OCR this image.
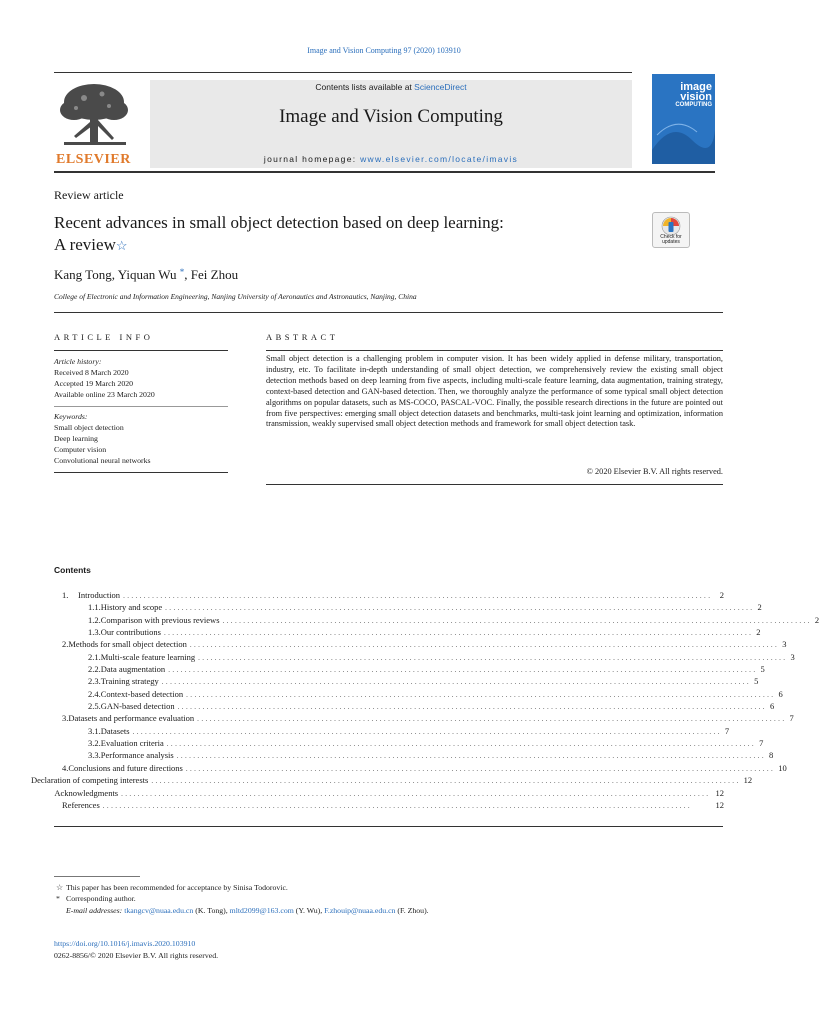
Image and Vision Computing 97 (2020) 103910
ELSEVIER
Contents lists available at ScienceDirect
Image and Vision Computing
journal homepage: www.elsevier.com/locate/imavis
image
vision
COMPUTING
Review article
Recent advances in small object detection based on deep learning:
A review☆
Check for updates
Kang Tong, Yiquan Wu *, Fei Zhou
College of Electronic and Information Engineering, Nanjing University of Aeronautics and Astronautics, Nanjing, China
ARTICLE INFO
Article history:
Received 8 March 2020
Accepted 19 March 2020
Available online 23 March 2020
Keywords:
Small object detection
Deep learning
Computer vision
Convolutional neural networks
ABSTRACT
Small object detection is a challenging problem in computer vision. It has been widely applied in defense military, transportation, industry, etc. To facilitate in-depth understanding of small object detection, we comprehensively review the existing small object detection methods based on deep learning from five aspects, including multi-scale feature learning, data augmentation, training strategy, context-based detection and GAN-based detection. Then, we thoroughly analyze the performance of some typical small object detection algorithms on popular datasets, such as MS-COCO, PASCAL-VOC. Finally, the possible research directions in the future are pointed out from five perspectives: emerging small object detection datasets and benchmarks, multi-task joint learning and optimization, information transmission, weakly supervised small object detection methods and framework for small object detection task.
© 2020 Elsevier B.V. All rights reserved.
Contents
1.	Introduction .............................................................................................................................................. 2
1.1. History and scope .............................................................................................................................................. 2
1.2. Comparison with previous reviews .............................................................................................................................................. 2
1.3. Our contributions .............................................................................................................................................. 2
2. Methods for small object detection .............................................................................................................................................. 3
2.1. Multi-scale feature learning .............................................................................................................................................. 3
2.2. Data augmentation .............................................................................................................................................. 5
2.3. Training strategy .............................................................................................................................................. 5
2.4. Context-based detection .............................................................................................................................................. 6
2.5. GAN-based detection .............................................................................................................................................. 6
3. Datasets and performance evaluation .............................................................................................................................................. 7
3.1. Datasets .............................................................................................................................................. 7
3.2. Evaluation criteria .............................................................................................................................................. 7
3.3. Performance analysis .............................................................................................................................................. 8
4. Conclusions and future directions .............................................................................................................................................. 10
Declaration of competing interests .............................................................................................................................................. 12
Acknowledgments .............................................................................................................................................. 12
References ..............................................................................................................................................	12
☆ This paper has been recommended for acceptance by Sinisa Todorovic.
* Corresponding author.
E-mail addresses: tkangcv@nuaa.edu.cn (K. Tong), mltd2099@163.com (Y. Wu), F.zhouip@nuaa.edu.cn (F. Zhou).
https://doi.org/10.1016/j.imavis.2020.103910
0262-8856/© 2020 Elsevier B.V. All rights reserved.
